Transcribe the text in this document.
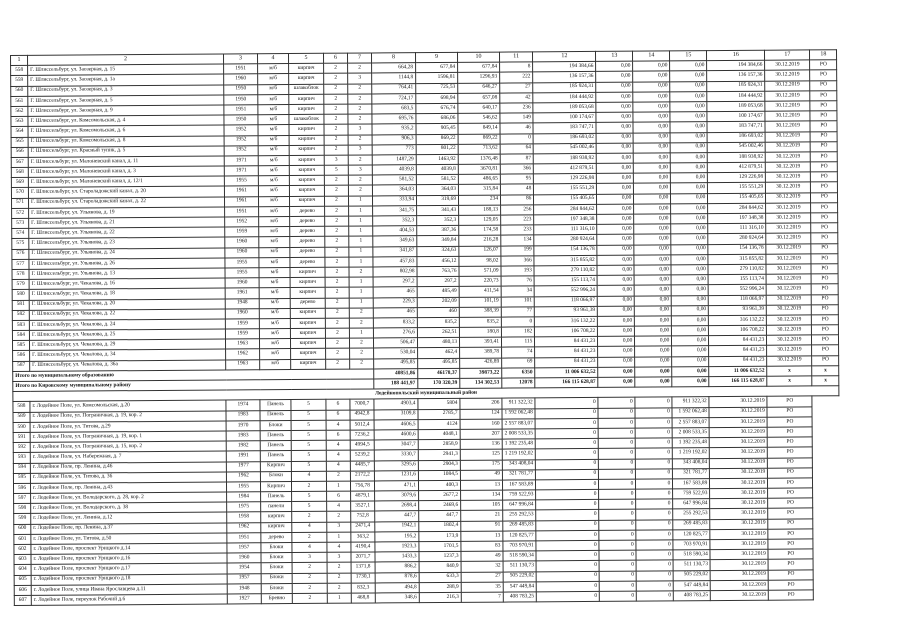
1	2	3	4	5	6	7	8	9	10	11	12	13	14	15	16	17	18
558	Г. Шлиссельбург, ул. Заозерная, д. 15	1951	м/б	кирпич	2	2	664,28	677,84	677,84	8	194 384,66	0,00	0,00	0,00	194 384,66	30.12.2019	РО
559	Г. Шлиссельбург, ул. Заозерная, д. 1а	1960	м/б	кирпич	2	3	1144,8	1596,81	1296,93	222	136 157,36	0,00	0,00	0,00	136 157,36	30.12.2019	РО
560	Г. Шлиссельбург, ул. Заозерная, д. 3	1950	м/б	шлакоблок	2	2	764,41	725,53	646,27	27	185 924,31	0,00	0,00	0,00	185 924,31	30.12.2019	РО
561	Г. Шлиссельбург, ул. Заозерная, д. 5	1950	м/б	кирпич	2	2	724,17	698,94	657,08	42	184 444,92	0,00	0,00	0,00	184 444,92	30.12.2019	РО
562	Г. Шлиссельбург, ул. Заозерная, д. 9	1951	м/б	кирпич	2	2	683,5	676,74	640,17	236	189 053,68	0,00	0,00	0,00	189 053,68	30.12.2019	РО
563	Г. Шлиссельбург, ул. Комсомольская, д. 4	1950	м/б	шлакоблок	2	2	695,76	686,06	546,62	149	100 174,67	0,00	0,00	0,00	100 174,67	30.12.2019	РО
564	Г. Шлиссельбург, ул. Комсомольская, д. 6	1952	м/б	кирпич	2	3	935,2	905,45	849,14	46	183 747,71	0,00	0,00	0,00	183 747,71	30.12.2019	РО
565	Г. Шлиссельбург, ул. Комсомольская, д. 8	1952	м/б	кирпич	2	2	906,3	869,22	869,22	0	186 693,02	0,00	0,00	0,00	186 693,02	30.12.2019	РО
566	Г. Шлиссельбург, ул. Красный тупик, д. 5	1952	м/б	кирпич	2	3	773	801,22	713,62	64	545 002,46	0,00	0,00	0,00	545 002,46	30.12.2019	РО
567	Г. Шлиссельбург, ул. Малоневский канал, д. 11	1971	м/б	кирпич	3	2	1487,29	1463,92	1376,48	87	188 938,92	0,00	0,00	0,00	188 938,92	30.12.2019	РО
568	Г. Шлиссельбург, ул. Малоневский канал, д. 3	1971	м/б	кирпич	5	3	4039,8	4039,8	3670,81	366	412 879,51	0,00	0,00	0,00	412 879,51	30.12.2019	РО
569	Г. Шлиссельбург, ул. Малоневский канал, д. 12/1	1955	м/б	кирпич	2	2	581,52	581,52	486,65	95	129 226,98	0,00	0,00	0,00	129 226,98	30.12.2019	РО
570	Г. Шлиссельбург, ул. Староладожский канал, д. 20	1961	м/б	кирпич	2	2	364,03	364,03	315,84	48	155 551,29	0,00	0,00	0,00	155 551,29	30.12.2019	РО
571	Г. Шлиссельбург, ул. Староладожский канал, д. 22	1961	м/б	кирпич	2	1	333,94	319,69	234	86	155 405,65	0,00	0,00	0,00	155 405,65	30.12.2019	РО
572	Г. Шлиссельбург, ул. Ульянова, д. 19	1951	м/б	дерево	2	1	341,75	341,43	188,13	256	284 844,62	0,00	0,00	0,00	284 844,62	30.12.2019	РО
573	Г. Шлиссельбург, ул. Ульянова, д. 21	1952	м/б	дерево	2	1	352,3	352,3	129,05	223	197 348,38	0,00	0,00	0,00	197 348,38	30.12.2019	РО
574	Г. Шлиссельбург, ул. Ульянова, д. 22	1959	м/б	дерево	2	1	404,53	387,36	174,58	233	111 316,10	0,00	0,00	0,00	111 316,10	30.12.2019	РО
575	Г. Шлиссельбург, ул. Ульянова, д. 23	1960	м/б	дерево	2	1	349,63	349,84	216,28	134	280 924,64	0,00	0,00	0,00	280 924,64	30.12.2019	РО
576	Г. Шлиссельбург, ул. Ульянова, д. 24	1960	м/б	дерево	2	1	341,87	324,63	126,07	199	154 136,78	0,00	0,00	0,00	154 136,78	30.12.2019	РО
577	Г. Шлиссельбург, ул. Ульянова, д. 26	1955	м/б	дерево	2	1	457,83	456,12	98,02	366	315 855,82	0,00	0,00	0,00	315 855,82	30.12.2019	РО
578	Г. Шлиссельбург, ул. Ульянова, д. 13	1955	м/б	кирпич	2	2	802,98	763,76	571,09	193	279 110,82	0,00	0,00	0,00	279 110,82	30.12.2019	РО
579	Г. Шлиссельбург, ул. Чекалова, д. 16	1960	м/б	кирпич	2	1	297,2	297,2	220,73	76	155 113,74	0,00	0,00	0,00	155 113,74	30.12.2019	РО
580	Г. Шлиссельбург, ул. Чекалова, д. 18	1961	м/б	кирпич	2	1	465	485,49	411,54	34	552 996,24	0,00	0,00	0,00	552 996,24	30.12.2019	РО
581	Г. Шлиссельбург, ул. Чекалова, д. 20	1948	м/б	дерево	2	1	229,3	202,09	101,19	101	118 066,97	0,00	0,00	0,00	118 066,97	30.12.2019	РО
582	Г. Шлиссельбург, ул. Чекалова, д. 22	1960	м/б	кирпич	2	2	465	460	388,39	77	93 961,39	0,00	0,00	0,00	93 961,39	30.12.2019	РО
583	Г. Шлиссельбург, ул. Чекалова, д. 24	1959	м/б	кирпич	2	2	833,2	835,2	835,2	0	316 132,22	0,00	0,00	0,00	316 132,22	30.12.2019	РО
584	Г. Шлиссельбург, ул. Чекалова, д. 25	1959	м/б	кирпич	2	1	276,6	262,51	180,8	182	106 708,22	0,00	0,00	0,00	106 708,22	30.12.2019	РО
585	Г. Шлиссельбург, ул. Чекалова, д. 29	1963	м/б	кирпич	2	2	506,47	480,13	393,41	115	84 431,23	0,00	0,00	0,00	84 431,23	30.12.2019	РО
586	Г. Шлиссельбург, ул. Чекалова, д. 34	1962	м/б	кирпич	2	2	530,04	462,4	389,78	74	84 431,23	0,00	0,00	0,00	84 431,23	30.12.2019	РО
587	Г. Шлиссельбург, ул. Чекалова, д. 36а	1963	м/б	кирпич	2	2	495,85	495,85	426,89	69	84 431,23	0,00	0,00	0,00	84 431,23	30.12.2019	РО
Итого по муниципальному образованию							40851,86	46178,37	39873,22	6350	11 006 632,52	0,00	0,00	0,00	11 006 632,52	х	х
Итого по Кировскому муниципальному району							188 441,97	170 320,39	134 302,53	12078	166 115 628,87	0,00	0,00	0,00	166 115 628,87	х	х
Лодейнопольский муниципальный район																	
588	г. Лодейное Поле, ул. Комсомольская, д.20	1974	Панель	5	6	7000,7	4903,4	5804	206	911 322,32	0	0	0	911 322,32	30.12.2019	РО	
589	г. Лодейное Поле, ул. Пограничная, д. 19, кор. 2	1983	Панель	5	6	4942,8	3109,8	2785,7	124	1 592 062,48	0	0	0	1 592 062,48	30.12.2019	РО	
590	г. Лодейное Поле, ул. Титова, д.29	1970	Блоки	5	4	5012,4	4606,5	4124	160	2 557 883,07	0	0	0	2 557 883,07	30.12.2019	РО	
591	г. Лодейное Поле, ул. Пограничная, д. 19, кор. 1	1983	Панель	5	6	7236,2	4600,6	4048,1	207	2 008 533,35	0	0	0	2 008 533,35	30.12.2019	РО	
592	г. Лодейное Поле, ул. Пограничная, д. 15, кор. 2	1982	Панель	5	4	4994,5	3047,7	2858,9	136	1 392 235,48	0	0	0	1 392 235,48	30.12.2019	РО	
593	г. Лодейное Поле, ул. Набережная, д. 7	1991	Панель	5	4	5239,2	3330,7	2941,3	125	1 219 192,02	0	0	0	1 219 192,02	30.12.2019	РО	
594	г. Лодейное Поле, пр. Ленина, д.46	1977	Кирпич	5	4	4485,7	3295,6	2904,3	175	343 408,04	0	0	0	343 408,04	30.12.2019	РО	
595	г. Лодейное Поле, ул. Титова, д. 36	1962	Блоки	4	2	2172,2	1231,6	1084,5	49	321 781,77	0	0	0	321 781,77	30.12.2019	РО	
596	г. Лодейное Поле, пр. Ленина, д.43	1955	Кирпич	2	1	756,78	471,1	400,3	13	167 583,89	0	0	0	167 583,89	30.12.2019	РО	
597	г. Лодейное Поле, ул. Володарского, д. 28, кор. 2	1984	Панель	5	6	4879,1	3079,6	2677,2	134	759 522,93	0	0	0	759 522,93	30.12.2019	РО	
598	г. Лодейное Поле, ул. Володарского, д. 38	1975	панели	5	4	3527,1	2698,4	2469,6	105	647 996,84	0	0	0	647 996,84	30.12.2019	РО	
599	г. Лодейное Поле, ул. Ленина, д.12	1958	кирпич	2	2	752,8	447,7	447,7	21	255 292,53	0	0	0	255 292,53	30.12.2019	РО	
600	г. Лодейное Поле, пр. Ленина, д.37	1962	кирпич	4	3	2471,4	1942,1	1802,4	91	269 485,83	0	0	0	269 485,83	30.12.2019	РО	
601	г. Лодейное Поле, ул. Титова, д.50	1951	дерево	2	1	363,2	195,2	173,9	13	120 825,77	0	0	0	120 825,77	30.12.2019	РО	
602	г. Лодейное Поле, проспект Урицкого д.14	1957	Блоки	4	4	4190,4	1923,3	1701,5	83	703 970,91	0	0	0	703 970,91	30.12.2019	РО	
603	г. Лодейное Поле, проспект Урицкого д.16	1960	Блоки	3	3	2071,7	1433,3	1237,3	49	518 590,34	0	0	0	518 590,34	30.12.2019	РО	
604	г. Лодейное Поле, проспект Урицкого д.17	1954	Блоки	2	2	1371,8	886,2	840,9	32	511 130,73	0	0	0	511 130,73	30.12.2019	РО	
605	г. Лодейное Поле, проспект Урицкого д.18	1957	Блоки	2	2	1730,1	878,6	633,3	27	505 229,02	0	0	0	505 229,02	30.12.2019	РО	
606	г. Лодейное Поле, улица Ивана Ярославцева д.11	1948	Блоки	2	2	832,3	494,8	288,9	35	547 449,84	0	0	0	547 449,84	30.12.2019	РО	
607	г. Лодейное Поле, переулок Рабочий д.6	1927	Бревно	2	1	468,8	348,6	216,3	7	408 783,25	0	0	0	408 783,25	30.12.2019	РО	
